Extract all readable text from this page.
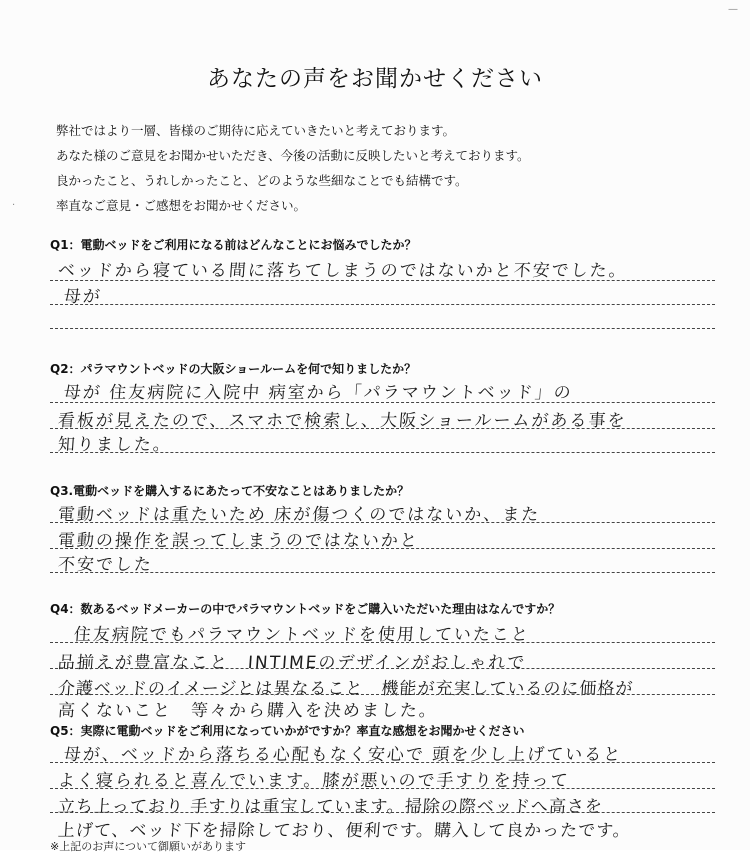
—
·
あなたの声をお聞かせください
弊社ではより一層、皆様のご期待に応えていきたいと考えております。
あなた様のご意見をお聞かせいただき、今後の活動に反映したいと考えております。
良かったこと、うれしかったこと、どのような些細なことでも結構です。
率直なご意見・ご感想をお聞かせください。
Q1：電動ベッドをご利用になる前はどんなことにお悩みでしたか？
ベッドから寝ている間に落ちてしまうのではないかと不安でした。
母が
Q2：パラマウントベッドの大阪ショールームを何で知りましたか？
母が 住友病院に入院中 病室から「パラマウントベッド」の
看板が見えたので、スマホで検索し、大阪ショールームがある事を
知りました。
Q3.電動ベッドを購入するにあたって不安なことはありましたか？
電動ベッドは重たいため 床が傷つくのではないか、また
電動の操作を誤ってしまうのではないかと
不安でした
Q4：数あるベッドメーカーの中でパラマウントベッドをご購入いただいた理由はなんですか？
住友病院でもパラマウントベッドを使用していたこと
品揃えが豊富なこと　INTIMEのデザインがおしゃれで
介護ベッドのイメージとは異なること　機能が充実しているのに価格が
高くないこと　等々から購入を決めました。
Q5：実際に電動ベッドをご利用になっていかがですか？率直な感想をお聞かせください
母が、ベッドから落ちる心配もなく安心で 頭を少し上げていると
よく寝られると喜んでいます。膝が悪いので手すりを持って
立ち上っており 手すりは重宝しています。掃除の際ベッドへ高さを
上げて、ベッド下を掃除しており、便利です。購入して良かったです。
※上記のお声について御願いがあります
